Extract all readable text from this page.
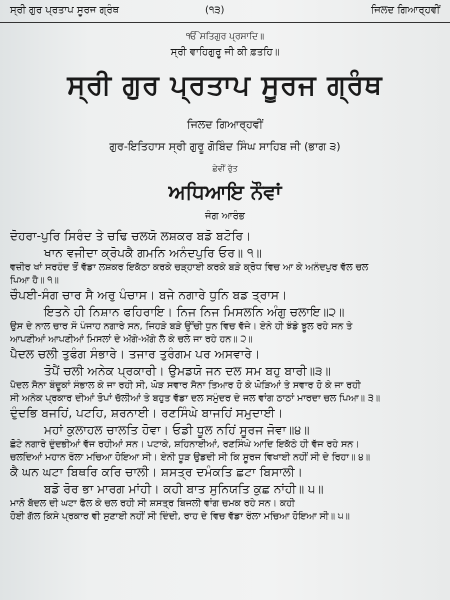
ਸ੍ਰੀ ਗੁਰ ਪ੍ਰਤਾਪ ਸੂਰਜ ਗ੍ਰੰਥ	(੧੩)	ਜਿਲਦ ਗਿਆਰ੍ਹਵੀਂ
ੴ ਸਤਿਗੁਰ ਪ੍ਰਸਾਦਿ॥
ਸ੍ਰੀ ਵਾਹਿਗੁਰੂ ਜੀ ਕੀ ਫ਼ਤਹਿ॥
ਸ੍ਰੀ ਗੁਰ ਪ੍ਰਤਾਪ ਸੂਰਜ ਗ੍ਰੰਥ
ਜਿਲਦ ਗਿਆਰ੍ਹਵੀਂ
ਗੁਰ-ਇਤਿਹਾਸ ਸ੍ਰੀ ਗੁਰੂ ਗੋਬਿੰਦ ਸਿੰਘ ਸਾਹਿਬ ਜੀ (ਭਾਗ ੩)
ਛੇਵੀਂ ਰੁੱਤ
ਅਧਿਆਇ ਨੌਵਾਂ
ਜੰਗ ਆਰੰਭ
ਦੋਹਰਾ-ਪੁਰਿ ਸਿਰੰਦ ਤੇ ਚਢਿ ਚਲਯੋ ਲਸ਼ਕਰ ਬਡੋ ਬਟੋਰਿ।
ਖਾਨ ਵਜੀਦਾ ਕ੍ਰੋਪਕੈ ਗਮਨਿ ਅਨੰਦਪੁਰਿ ਓਰ॥ ੧॥
ਵਜ਼ੀਰ ਖਾਂ ਸਰਹੰਦ ਤੋਂ ਵੱਡਾ ਲਸ਼ਕਰ ਇਕੱਠਾ ਕਰਕੇ ਚੜ੍ਹਾਈ ਕਰਕੇ ਬੜੇ ਕ੍ਰੋਧ ਵਿਚ ਆ ਕੇ ਅਨੰਦਪੁਰ ਵੱਲ ਚਲ
ਪਿਆ ਹੈ॥ ੧॥
ਚੌਪਈ-ਸੰਗ ਚਾਰ ਸੈ ਅਰੁ ਪੰਚਾਸ। ਬਜੇ ਨਗਾਰੇ ਧੁਨਿ ਬਡ ਤ੍ਰਾਸ।
ਇਤਨੇ ਹੀ ਨਿਸ਼ਾਨ ਫਹਿਰਾਇ। ਨਿਜ ਨਿਜ ਮਿਸਲਨਿ ਅੰਗੁ ਚਲਾਇ॥੨॥
ਉਸ ਦੇ ਨਾਲ ਚਾਰ ਸੌ ਪੰਜਾਹ ਨਗਾਰੇ ਸਨ, ਜਿਹੜੇ ਬੜੇ ਉੱਚੀ ਧੁਨ ਵਿਚ ਵੱਜੇ। ਏਨੇ ਹੀ ਝੰਡੇ ਝੂਲ ਰਹੇ ਸਨ ਤੇ
ਆਪਣੀਆਂ ਆਪਣੀਆਂ ਮਿਸਲਾਂ ਦੇ ਅੱਗੇ-ਅੱਗੇ ਲੈ ਕੇ ਚਲੇ ਜਾ ਰਹੇ ਹਨ॥ ੨॥
ਪੈਦਲ ਚਲੀ ਤੁਫੰਗ ਸੰਭਾਰੇ। ਤਜਾਰ ਤੁਰੰਗਮ ਪਰ ਅਸਵਾਰੇ।
ਤੋਪੈਂ ਚਲੀ ਅਨੇਕ ਪ੍ਰਕਾਰੀ। ਉਮਡਯੋ ਜਨ ਦਲ ਸਮ ਬਹੁ ਬਾਰੀ॥੩॥
ਪੈਦਲ ਸੈਨਾ ਬੰਦੂਕਾਂ ਸੰਭਾਲ ਕੇ ਜਾ ਰਹੀ ਸੀ, ਘੋੜ ਸਵਾਰ ਸੈਨਾ ਤਿਆਰ ਹੋ ਕੇ ਘੋੜਿਆਂ ਤੇ ਸਵਾਰ ਹੋ ਕੇ ਜਾ ਰਹੀ
ਸੀ ਅਨੇਕ ਪ੍ਰਕਾਰ ਦੀਆਂ ਤੋਪਾਂ ਚੱਲੀਆਂ ਤੇ ਬਹੁਤ ਵੱਡਾ ਦਲ ਸਮੁੰਦਰ ਦੇ ਜਲ ਵਾਂਗ ਠਾਠਾਂ ਮਾਰਦਾ ਚਲ ਪਿਆ॥ ੩॥
ਦੁੰਦਭਿ ਬਜਹਿਂ, ਪਟਹਿ, ਸ਼ਰਨਾਈ। ਰਣਸਿੰਘੇ ਬਾਜਹਿਂ ਸਮੁਦਾਈ।
ਮਹਾਂ ਕੁਲਾਹਲ ਚਾਲਤਿ ਹੋਵਾ। ਓਡੀ ਧੂਲ ਨਹਿਂ ਸੂਰਜ ਜੋਵਾ॥੪॥
ਛੋਟੇ ਨਗਾਰੇ ਦੁੰਦਭੀਆਂ ਵੱਜ ਰਹੀਆਂ ਸਨ। ਪਟਾਕੇ, ਸ਼ਹਿਨਾਈਆਂ, ਰਣਸਿੰਘੇ ਆਦਿ ਇਕੱਠੇ ਹੀ ਵੱਜ ਰਹੇ ਸਨ।
ਚਲਦਿਆਂ ਮਹਾਨ ਰੌਲਾ ਮਚਿਆ ਹੋਇਆ ਸੀ। ਏਨੀ ਧੂੜ ਉਡਦੀ ਸੀ ਕਿ ਸੂਰਜ ਵਿਖਾਈ ਨਹੀਂ ਸੀ ਦੇ ਰਿਹਾ॥ ੪॥
ਕੈ ਘਨ ਘਟਾ ਬਿਥਰਿ ਕਰਿ ਚਾਲੀ। ਸ਼ਸਤ੍ਰ ਦਮੰਕਤਿ ਛਟਾ ਬਿਸਾਲੀ।
ਬਡੋ ਰੋਰ ਭਾ ਮਾਰਗ ਮਾਂਹੀ। ਕਹੀ ਬਾਤ ਸੁਨਿਯਤਿ ਕੁਛ ਨਾਂਹੀ॥ ੫॥
ਮਾਨੋ ਬੱਦਲ ਦੀ ਘਟਾ ਫੈਲ ਕੇ ਚਲ ਰਹੀ ਸੀ ਸ਼ਸਤ੍ਰ ਬਿਜਲੀ ਵਾਂਗ ਚਮਕ ਰਹੇ ਸਨ। ਕਹੀ
ਹੋਈ ਗੱਲ ਕਿਸੇ ਪ੍ਰਕਾਰ ਵੀ ਸੁਣਾਈ ਨਹੀਂ ਸੀ ਦਿੰਦੀ, ਰਾਹ ਦੇ ਵਿਚ ਵੱਡਾ ਰੌਲਾ ਮਚਿਆ ਹੋਇਆ ਸੀ॥ ੫॥
